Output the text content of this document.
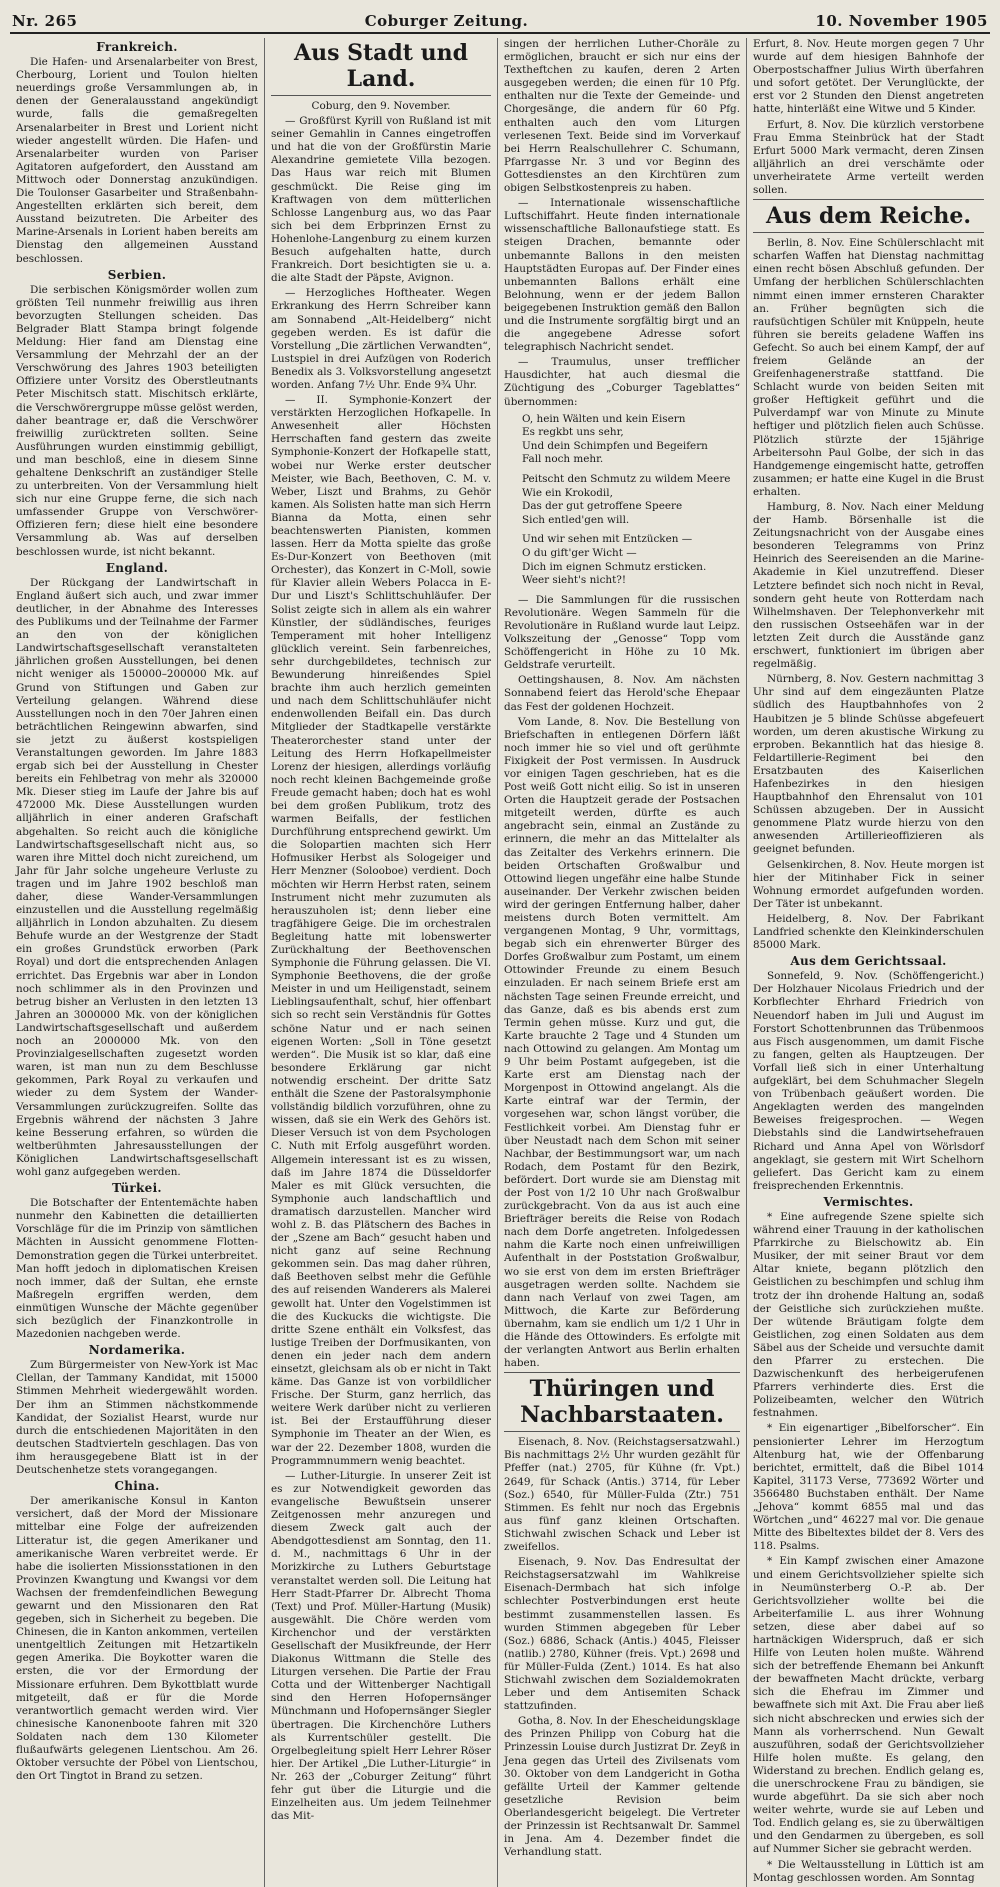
Nr. 265	Coburger Zeitung.	10. November 1905
Frankreich.

Die Hafen- und Arsenalarbeiter von Brest, Cherbourg, Lorient und Toulon hielten neuerdings große Versammlungen ab, in denen der Generalausstand angekündigt wurde, falls die gemaßregelten Arsenalarbeiter in Brest und Lorient nicht wieder angestellt würden. Die Hafen- und Arsenalarbeiter wurden von Pariser Agitatoren aufgefordert, den Ausstand am Mittwoch oder Donnerstag anzukündigen. Die Toulonser Gasarbeiter und Straßenbahn-Angestellten erklärten sich bereit, dem Ausstand beizutreten. Die Arbeiter des Marine-Arsenals in Lorient haben bereits am Dienstag den allgemeinen Ausstand beschlossen.

Serbien.

Die serbischen Königsmörder wollen zum größten Teil nunmehr freiwillig aus ihren bevorzugten Stellungen scheiden. Das Belgrader Blatt Stampa bringt folgende Meldung: Hier fand am Dienstag eine Versammlung der Mehrzahl der an der Verschwörung des Jahres 1903 beteiligten Offiziere unter Vorsitz des Oberstleutnants Peter Mischitsch statt. Mischitsch erklärte, die Verschwörergruppe müsse gelöst werden, daher beantrage er, daß die Verschwörer freiwillig zurücktreten sollten. Seine Ausführungen wurden einstimmig gebilligt, und man beschloß, eine in diesem Sinne gehaltene Denkschrift an zuständiger Stelle zu unterbreiten. Von der Versammlung hielt sich nur eine Gruppe ferne, die sich nach umfassender Gruppe von Verschwörer-Offizieren fern; diese hielt eine besondere Versammlung ab. Was auf derselben beschlossen wurde, ist nicht bekannt.

England.

Der Rückgang der Landwirtschaft in England äußert sich auch, und zwar immer deutlicher, in der Abnahme des Interesses des Publikums und der Teilnahme der Farmer an den von der königlichen Landwirtschaftsgesellschaft veranstalteten jährlichen großen Ausstellungen, bei denen nicht weniger als 150000–200000 Mk. auf Grund von Stiftungen und Gaben zur Verteilung gelangen. Während diese Ausstellungen noch in den 70er Jahren einen beträchtlichen Reingewinn abwarfen, sind sie jetzt zu äußerst kostspieligen Veranstaltungen geworden. Im Jahre 1883 ergab sich bei der Ausstellung in Chester bereits ein Fehlbetrag von mehr als 320000 Mk. Dieser stieg im Laufe der Jahre bis auf 472000 Mk. Diese Ausstellungen wurden alljährlich in einer anderen Grafschaft abgehalten. So reicht auch die königliche Landwirtschaftsgesellschaft nicht aus, so waren ihre Mittel doch nicht zureichend, um Jahr für Jahr solche ungeheure Verluste zu tragen und im Jahre 1902 beschloß man daher, diese Wander-Versammlungen einzustellen und die Ausstellung regelmäßig alljährlich in London abzuhalten. Zu diesem Behufe wurde an der Westgrenze der Stadt ein großes Grundstück erworben (Park Royal) und dort die entsprechenden Anlagen errichtet. Das Ergebnis war aber in London noch schlimmer als in den Provinzen und betrug bisher an Verlusten in den letzten 13 Jahren an 3000000 Mk. von der königlichen Landwirtschaftsgesellschaft und außerdem noch an 2000000 Mk. von den Provinzialgesellschaften zugesetzt worden waren, ist man nun zu dem Beschlusse gekommen, Park Royal zu verkaufen und wieder zu dem System der Wander-Versammlungen zurückzugreifen. Sollte das Ergebnis während der nächsten 3 Jahre keine Besserung erfahren, so würden die weltberühmten Jahresausstellungen der Königlichen Landwirtschaftsgesellschaft wohl ganz aufgegeben werden.

Türkei.

Die Botschafter der Ententemächte haben nunmehr den Kabinetten die detaillierten Vorschläge für die im Prinzip von sämtlichen Mächten in Aussicht genommene Flotten-Demonstration gegen die Türkei unterbreitet. Man hofft jedoch in diplomatischen Kreisen noch immer, daß der Sultan, ehe ernste Maßregeln ergriffen werden, dem einmütigen Wunsche der Mächte gegenüber sich bezüglich der Finanzkontrolle in Mazedonien nachgeben werde.

Nordamerika.

Zum Bürgermeister von New-York ist Mac Clellan, der Tammany Kandidat, mit 15000 Stimmen Mehrheit wiedergewählt worden. Der ihm an Stimmen nächstkommende Kandidat, der Sozialist Hearst, wurde nur durch die entschiedenen Majoritäten in den deutschen Stadtvierteln geschlagen. Das von ihm herausgegebene Blatt ist in der Deutschenhetze stets vorangegangen.

China.

Der amerikanische Konsul in Kanton versichert, daß der Mord der Missionare mittelbar eine Folge der aufreizenden Litteratur ist, die gegen Amerikaner und amerikanische Waren verbreitet werde. Er habe die isolierten Missionsstationen in den Provinzen Kwangtung und Kwangsi vor dem Wachsen der fremdenfeindlichen Bewegung gewarnt und den Missionaren den Rat gegeben, sich in Sicherheit zu begeben. Die Chinesen, die in Kanton ankommen, verteilen unentgeltlich Zeitungen mit Hetzartikeln gegen Amerika. Die Boykotter waren die ersten, die vor der Ermordung der Missionare erfuhren. Dem Bykottblatt wurde mitgeteilt, daß er für die Morde verantwortlich gemacht werden wird. Vier chinesische Kanonenboote fahren mit 320 Soldaten nach dem 130 Kilometer flußaufwärts gelegenen Lientschou. Am 26. Oktober versuchte der Pöbel von Lientschou, den Ort Tingtot in Brand zu setzen.

Aus Stadt und Land.
Coburg, den 9. November.

— Großfürst Kyrill von Rußland ist mit seiner Gemahlin in Cannes eingetroffen und hat die von der Großfürstin Marie Alexandrine gemietete Villa bezogen. Das Haus war reich mit Blumen geschmückt. Die Reise ging im Kraftwagen von dem mütterlichen Schlosse Langenburg aus, wo das Paar sich bei dem Erbprinzen Ernst zu Hohenlohe-Langenburg zu einem kurzen Besuch aufgehalten hatte, durch Frankreich. Dort besichtigten sie u. a. die alte Stadt der Päpste, Avignon.

— Herzogliches Hoftheater. Wegen Erkrankung des Herrn Schreiber kann am Sonnabend „Alt-Heidelberg“ nicht gegeben werden. Es ist dafür die Vorstellung „Die zärtlichen Verwandten“, Lustspiel in drei Aufzügen von Roderich Benedix als 3. Volksvorstellung angesetzt worden. Anfang 7½ Uhr. Ende 9¾ Uhr.

— II. Symphonie-Konzert der verstärkten Herzoglichen Hofkapelle. In Anwesenheit aller Höchsten Herrschaften fand gestern das zweite Symphonie-Konzert der Hofkapelle statt, wobei nur Werke erster deutscher Meister, wie Bach, Beethoven, C. M. v. Weber, Liszt und Brahms, zu Gehör kamen. Als Solisten hatte man sich Herrn Bianna da Motta, einen sehr beachtenswerten Pianisten, kommen lassen. Herr da Motta spielte das große Es-Dur-Konzert von Beethoven (mit Orchester), das Konzert in C-Moll, sowie für Klavier allein Webers Polacca in E-Dur und Liszt's Schlittschuhläufer. Der Solist zeigte sich in allem als ein wahrer Künstler, der südländisches, feuriges Temperament mit hoher Intelligenz glücklich vereint. Sein farbenreiches, sehr durchgebildetes, technisch zur Bewunderung hinreißendes Spiel brachte ihm auch herzlich gemeinten und nach dem Schlittschuhläufer nicht endenwollenden Beifall ein. Das durch Mitglieder der Stadtkapelle verstärkte Theaterorchester stand unter der Leitung des Herrn Hofkapellmeister Lorenz der hiesigen, allerdings vorläufig noch recht kleinen Bachgemeinde große Freude gemacht haben; doch hat es wohl bei dem großen Publikum, trotz des warmen Beifalls, der festlichen Durchführung entsprechend gewirkt. Um die Solopartien machten sich Herr Hofmusiker Herbst als Sologeiger und Herr Menzner (Solooboe) verdient. Doch möchten wir Herrn Herbst raten, seinem Instrument nicht mehr zuzumuten als herauszuholen ist; denn lieber eine tragfähigere Geige. Die im orchestralen Begleitung hatte mit lobenswerter Zurückhaltung der Beethovenschen Symphonie die Führung gelassen. Die VI. Symphonie Beethovens, die der große Meister in und um Heiligenstadt, seinem Lieblingsaufenthalt, schuf, hier offenbart sich so recht sein Verständnis für Gottes schöne Natur und er nach seinen eigenen Worten: „Soll in Töne gesetzt werden“. Die Musik ist so klar, daß eine besondere Erklärung gar nicht notwendig erscheint. Der dritte Satz enthält die Szene der Pastoralsymphonie vollständig bildlich vorzuführen, ohne zu wissen, daß sie ein Werk des Gehörs ist. Dieser Versuch ist von dem Psychologen C. Nuth mit Erfolg ausgeführt worden. Allgemein interessant ist es zu wissen, daß im Jahre 1874 die Düsseldorfer Maler es mit Glück versuchten, die Symphonie auch landschaftlich und dramatisch darzustellen. Mancher wird wohl z. B. das Plätschern des Baches in der „Szene am Bach“ gesucht haben und nicht ganz auf seine Rechnung gekommen sein. Das mag daher rühren, daß Beethoven selbst mehr die Gefühle des auf reisenden Wanderers als Malerei gewollt hat. Unter den Vogelstimmen ist die des Kuckucks die wichtigste. Die dritte Szene enthält ein Volksfest, das lustige Treiben der Dorfmusikanten, von denen ein jeder nach dem andern einsetzt, gleichsam als ob er nicht in Takt käme. Das Ganze ist von vorbildlicher Frische. Der Sturm, ganz herrlich, das weitere Werk darüber nicht zu verlieren ist. Bei der Erstaufführung dieser Symphonie im Theater an der Wien, es war der 22. Dezember 1808, wurden die Programmnummern wenig beachtet.

— Luther-Liturgie. In unserer Zeit ist es zur Notwendigkeit geworden das evangelische Bewußtsein unserer Zeitgenossen mehr anzuregen und diesem Zweck galt auch der Abendgottesdienst am Sonntag, den 11. d. M., nachmittags 6 Uhr in der Morizkirche zu Luthers Geburtstage veranstaltet werden soll. Die Leitung hat Herr Stadt-Pfarrer Dr. Albrecht Thoma (Text) und Prof. Müller-Hartung (Musik) ausgewählt. Die Chöre werden vom Kirchenchor und der verstärkten Gesellschaft der Musikfreunde, der Herr Diakonus Wittmann die Stelle des Liturgen versehen. Die Partie der Frau Cotta und der Wittenberger Nachtigall sind den Herren Hofopernsänger Münchmann und Hofopernsänger Siegler übertragen. Die Kirchenchöre Luthers als Kurrentschüler gestellt. Die Orgelbegleitung spielt Herr Lehrer Röser hier. Der Artikel „Die Luther-Liturgie“ in Nr. 263 der „Coburger Zeitung“ führt fehr gut über die Liturgie und die Einzelheiten aus. Um jedem Teilnehmer das Mit-

singen der herrlichen Luther-Choräle zu ermöglichen, braucht er sich nur eins der Textheftchen zu kaufen, deren 2 Arten ausgegeben werden; die einen für 10 Pfg. enthalten nur die Texte der Gemeinde- und Chorgesänge, die andern für 60 Pfg. enthalten auch den vom Liturgen verlesenen Text. Beide sind im Vorverkauf bei Herrn Realschullehrer C. Schumann, Pfarrgasse Nr. 3 und vor Beginn des Gottesdienstes an den Kirchtüren zum obigen Selbstkostenpreis zu haben.

— Internationale wissenschaftliche Luftschiffahrt. Heute finden internationale wissenschaftliche Ballonaufstiege statt. Es steigen Drachen, bemannte oder unbemannte Ballons in den meisten Hauptstädten Europas auf. Der Finder eines unbemannten Ballons erhält eine Belohnung, wenn er der jedem Ballon beigegebenen Instruktion gemäß den Ballon und die Instrumente sorgfältig birgt und an die angegebene Adresse sofort telegraphisch Nachricht sendet.

— Traumulus, unser trefflicher Hausdichter, hat auch diesmal die Züchtigung des „Coburger Tageblattes“ übernommen:

O, hein Wälten und kein Eisern
Es regkbt uns sehr,
Und dein Schimpfen und Begeifern
Fall noch mehr.
Peitscht den Schmutz zu wildem Meere
Wie ein Krokodil,
Das der gut getroffene Speere
Sich entled'gen will.
Und wir sehen mit Entzücken —
O du gift'ger Wicht —
Dich im eignen Schmutz ersticken.
Weer sieht's nicht?!

— Die Sammlungen für die russischen Revolutionäre. Wegen Sammeln für die Revolutionäre in Rußland wurde laut Leipz. Volkszeitung der „Genosse“ Topp vom Schöffengericht in Höhe zu 10 Mk. Geldstrafe verurteilt.

Oettingshausen, 8. Nov. Am nächsten Sonnabend feiert das Herold'sche Ehepaar das Fest der goldenen Hochzeit.

Vom Lande, 8. Nov. Die Bestellung von Briefschaften in entlegenen Dörfern läßt noch immer hie so viel und oft gerühmte Fixigkeit der Post vermissen. In Ausdruck vor einigen Tagen geschrieben, hat es die Post weiß Gott nicht eilig. So ist in unseren Orten die Hauptzeit gerade der Postsachen mitgeteilt werden, dürfte es auch angebracht sein, einmal an Zustände zu erinnern, die mehr an das Mittelalter als das Zeitalter des Verkehrs erinnern. Die beiden Ortschaften Großwalbur und Ottowind liegen ungefähr eine halbe Stunde auseinander. Der Verkehr zwischen beiden wird der geringen Entfernung halber, daher meistens durch Boten vermittelt. Am vergangenen Montag, 9 Uhr, vormittags, begab sich ein ehrenwerter Bürger des Dorfes Großwalbur zum Postamt, um einem Ottowinder Freunde zu einem Besuch einzuladen. Er nach seinem Briefe erst am nächsten Tage seinen Freunde erreicht, und das Ganze, daß es bis abends erst zum Termin gehen müsse. Kurz und gut, die Karte brauchte 2 Tage und 4 Stunden um nach Ottowind zu gelangen. Am Montag um 9 Uhr beim Postamt aufgegeben, ist die Karte erst am Dienstag nach der Morgenpost in Ottowind angelangt. Als die Karte eintraf war der Termin, der vorgesehen war, schon längst vorüber, die Festlichkeit vorbei. Am Dienstag fuhr er über Neustadt nach dem Schon mit seiner Nachbar, der Bestimmungsort war, um nach Rodach, dem Postamt für den Bezirk, befördert. Dort wurde sie am Dienstag mit der Post von 1/2 10 Uhr nach Großwalbur zurückgebracht. Von da aus ist auch eine Briefträger bereits die Reise von Rodach nach dem Dorfe angetreten. Infolgedessen nahm die Karte noch einen unfreiwilligen Aufenthalt in der Poststation Großwalbur, wo sie erst von dem im ersten Briefträger ausgetragen werden sollte. Nachdem sie dann nach Verlauf von zwei Tagen, am Mittwoch, die Karte zur Beförderung übernahm, kam sie endlich um 1/2 1 Uhr in die Hände des Ottowinders. Es erfolgte mit der verlangten Antwort aus Berlin erhalten haben.

Thüringen und Nachbarstaaten.

Eisenach, 8. Nov. (Reichstagsersatzwahl.) Bis nachmittags 2½ Uhr wurden gezählt für Pfeffer (nat.) 2705, für Kühne (fr. Vpt.) 2649, für Schack (Antis.) 3714, für Leber (Soz.) 6540, für Müller-Fulda (Ztr.) 751 Stimmen. Es fehlt nur noch das Ergebnis aus fünf ganz kleinen Ortschaften. Stichwahl zwischen Schack und Leber ist zweifellos.

Eisenach, 9. Nov. Das Endresultat der Reichstagsersatzwahl im Wahlkreise Eisenach-Dermbach hat sich infolge schlechter Postverbindungen erst heute bestimmt zusammenstellen lassen. Es wurden Stimmen abgegeben für Leber (Soz.) 6886, Schack (Antis.) 4045, Fleisser (natlib.) 2780, Kühner (freis. Vpt.) 2698 und für Müller-Fulda (Zent.) 1014. Es hat also Stichwahl zwischen dem Sozialdemokraten Leber und dem Antisemiten Schack stattzufinden.

Gotha, 8. Nov. In der Ehescheidungsklage des Prinzen Philipp von Coburg hat die Prinzessin Louise durch Justizrat Dr. Zeyß in Jena gegen das Urteil des Zivilsenats vom 30. Oktober von dem Landgericht in Gotha gefällte Urteil der Kammer geltende gesetzliche Revision beim Oberlandesgericht beigelegt. Die Vertreter der Prinzessin ist Rechtsanwalt Dr. Sammel in Jena. Am 4. Dezember findet die Verhandlung statt.

Erfurt, 8. Nov. Heute morgen gegen 7 Uhr wurde auf dem hiesigen Bahnhofe der Oberpostschaffner Julius Wirth überfahren und sofort getötet. Der Verunglückte, der erst vor 2 Stunden den Dienst angetreten hatte, hinterläßt eine Witwe und 5 Kinder.

Erfurt, 8. Nov. Die kürzlich verstorbene Frau Emma Steinbrück hat der Stadt Erfurt 5000 Mark vermacht, deren Zinsen alljährlich an drei verschämte oder unverheiratete Arme verteilt werden sollen.

Aus dem Reiche.

Berlin, 8. Nov. Eine Schülerschlacht mit scharfen Waffen hat Dienstag nachmittag einen recht bösen Abschluß gefunden. Der Umfang der herblichen Schülerschlachten nimmt einen immer ernsteren Charakter an. Früher begnügten sich die raufsüchtigen Schüler mit Knüppeln, heute führen sie bereits geladene Waffen ins Gefecht. So auch bei einem Kampf, der auf freiem Gelände an der Greifenhagenerstraße stattfand. Die Schlacht wurde von beiden Seiten mit großer Heftigkeit geführt und die Pulverdampf war von Minute zu Minute heftiger und plötzlich fielen auch Schüsse. Plötzlich stürzte der 15jährige Arbeitersohn Paul Golbe, der sich in das Handgemenge eingemischt hatte, getroffen zusammen; er hatte eine Kugel in die Brust erhalten.

Hamburg, 8. Nov. Nach einer Meldung der Hamb. Börsenhalle ist die Zeitungsnachricht von der Ausgabe eines besonderen Telegramms von Prinz Heinrich des Seereisenden an die Marine-Akademie in Kiel unzutreffend. Dieser Letztere befindet sich noch nicht in Reval, sondern geht heute von Rotterdam nach Wilhelmshaven. Der Telephonverkehr mit den russischen Ostseehäfen war in der letzten Zeit durch die Ausstände ganz erschwert, funktioniert im übrigen aber regelmäßig.

Nürnberg, 8. Nov. Gestern nachmittag 3 Uhr sind auf dem eingezäunten Platze südlich des Hauptbahnhofes von 2 Haubitzen je 5 blinde Schüsse abgefeuert worden, um deren akustische Wirkung zu erproben. Bekanntlich hat das hiesige 8. Feldartillerie-Regiment bei den Ersatzbauten des Kaiserlichen Hafenbezirkes in den hiesigen Hauptbahnhof den Ehrensalut von 101 Schüssen abzugeben. Der in Aussicht genommene Platz wurde hierzu von den anwesenden Artillerieoffizieren als geeignet befunden.

Gelsenkirchen, 8. Nov. Heute morgen ist hier der Mitinhaber Fick in seiner Wohnung ermordet aufgefunden worden. Der Täter ist unbekannt.

Heidelberg, 8. Nov. Der Fabrikant Landfried schenkte den Kleinkinderschulen 85000 Mark.

Aus dem Gerichtssaal.

Sonnefeld, 9. Nov. (Schöffengericht.) Der Holzhauer Nicolaus Friedrich und der Korbflechter Ehrhard Friedrich von Neuendorf haben im Juli und August im Forstort Schottenbrunnen das Trübenmoos aus Fisch ausgenommen, um damit Fische zu fangen, gelten als Hauptzeugen. Der Vorfall ließ sich in einer Unterhaltung aufgeklärt, bei dem Schuhmacher Slegeln von Trübenbach geäußert worden. Die Angeklagten werden des mangelnden Beweises freigesprochen. — Wegen Diebstahls sind die Landwirtsehefrauen Richard und Anna Apel von Wörlsdorf angeklagt, sie gestern mit Wirt Schelhorn geliefert. Das Gericht kam zu einem freisprechenden Erkenntnis.

Vermischtes.

* Eine aufregende Szene spielte sich während einer Trauung in der katholischen Pfarrkirche zu Bielschowitz ab. Ein Musiker, der mit seiner Braut vor dem Altar kniete, begann plötzlich den Geistlichen zu beschimpfen und schlug ihm trotz der ihn drohende Haltung an, sodaß der Geistliche sich zurückziehen mußte. Der wütende Bräutigam folgte dem Geistlichen, zog einen Soldaten aus dem Säbel aus der Scheide und versuchte damit den Pfarrer zu erstechen. Die Dazwischenkunft des herbeigerufenen Pfarrers verhinderte dies. Erst die Polizeibeamten, welcher den Wütrich festnahmen.

* Ein eigenartiger „Bibelforscher“. Ein pensionierter Lehrer im Herzogtum Altenburg hat, wie der Offenbarung berichtet, ermittelt, daß die Bibel 1014 Kapitel, 31173 Verse, 773692 Wörter und 3566480 Buchstaben enthält. Der Name „Jehova“ kommt 6855 mal und das Wörtchen „und“ 46227 mal vor. Die genaue Mitte des Bibeltextes bildet der 8. Vers des 118. Psalms.

* Ein Kampf zwischen einer Amazone und einem Gerichtsvollzieher spielte sich in Neumünsterberg O.-P. ab. Der Gerichtsvollzieher wollte bei die Arbeiterfamilie L. aus ihrer Wohnung setzen, diese aber dabei auf so hartnäckigen Widerspruch, daß er sich Hilfe von Leuten holen mußte. Während sich der betreffende Ehemann bei Ankunft der bewaffneten Macht drückte, verbarg sich die Ehefrau im Zimmer und bewaffnete sich mit Axt. Die Frau aber ließ sich nicht abschrecken und erwies sich der Mann als vorherrschend. Nun Gewalt auszuführen, sodaß der Gerichtsvollzieher Hilfe holen mußte. Es gelang, den Widerstand zu brechen. Endlich gelang es, die unerschrockene Frau zu bändigen, sie wurde abgeführt. Da sie sich aber noch weiter wehrte, wurde sie auf Leben und Tod. Endlich gelang es, sie zu überwältigen und den Gendarmen zu übergeben, es soll auf Nummer Sicher sie gebracht werden.

* Die Weltausstellung in Lüttich ist am Montag geschlossen worden. Am Sonntag
